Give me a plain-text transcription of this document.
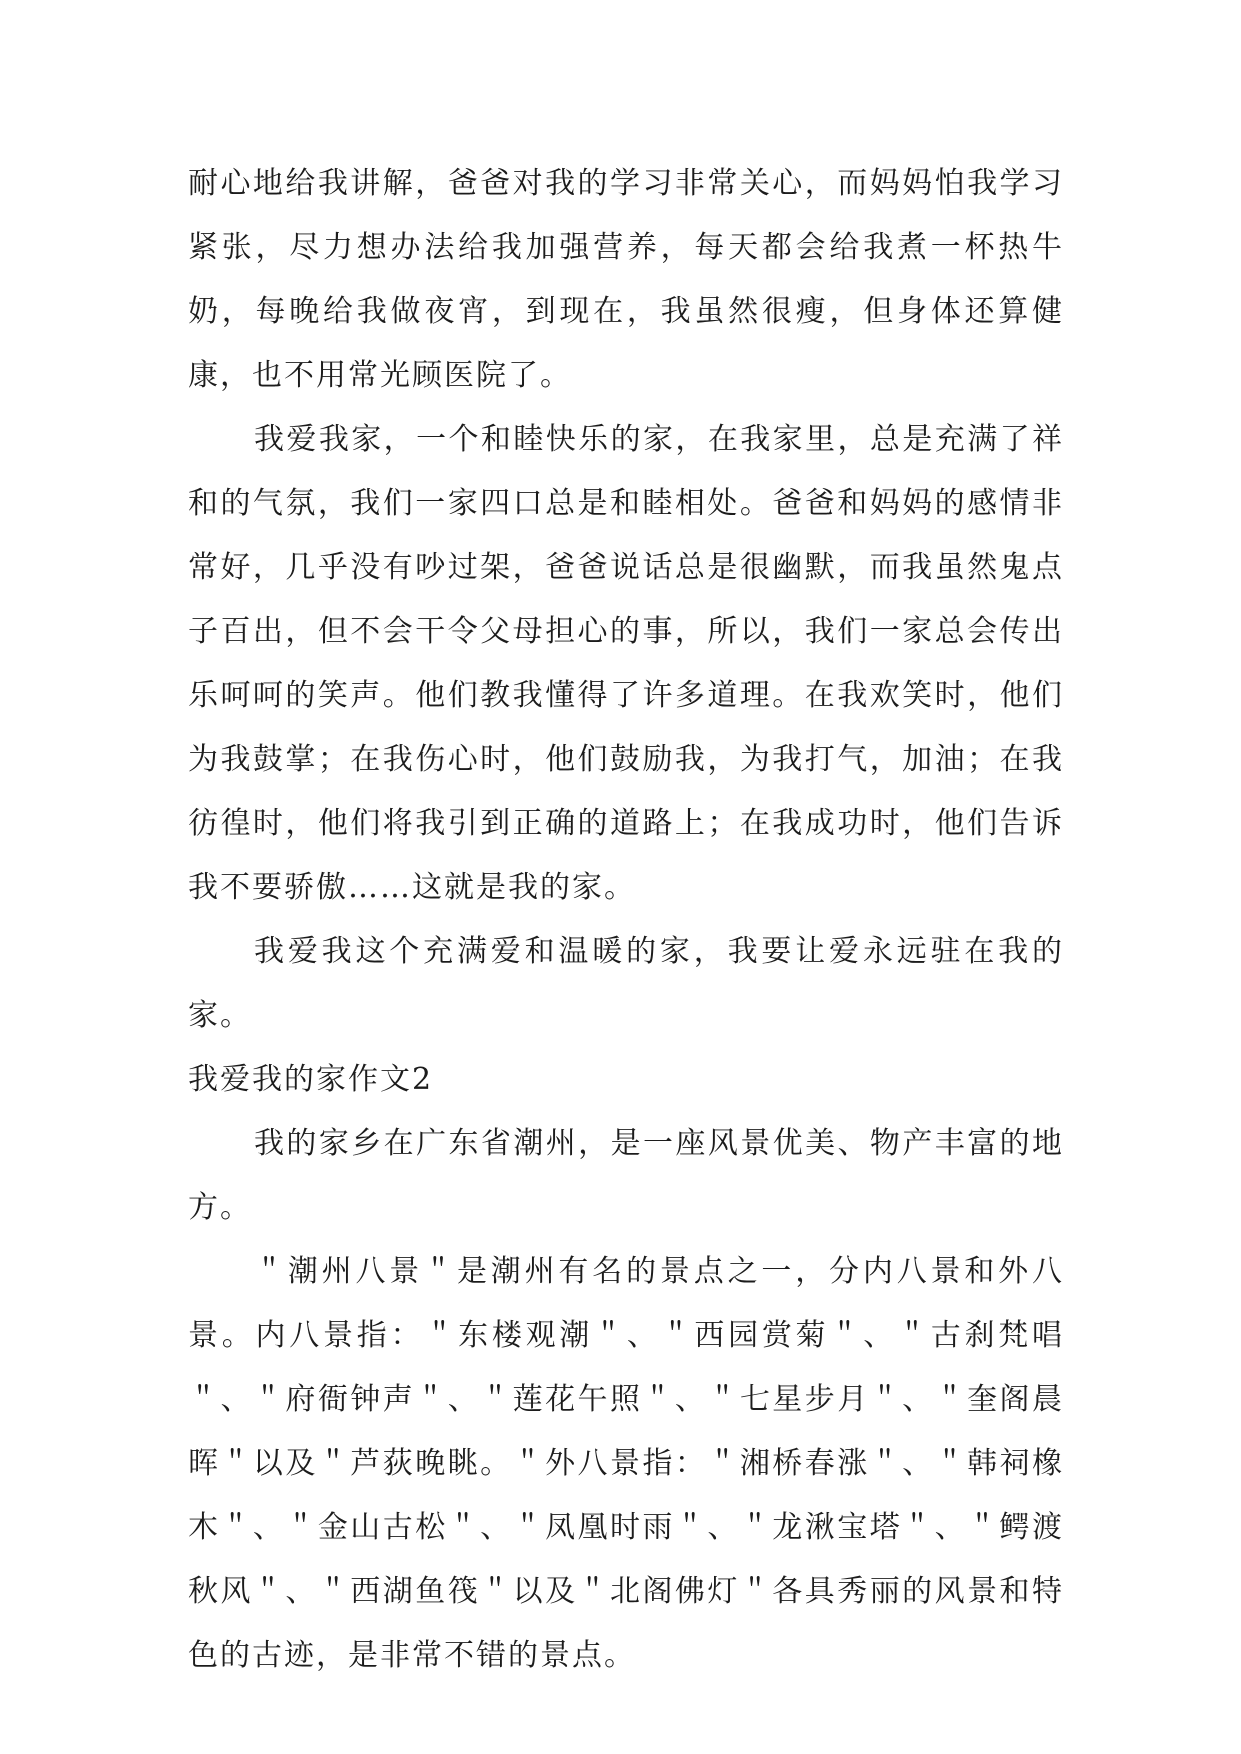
耐心地给我讲解，爸爸对我的学习非常关心，而妈妈怕我学习紧张，尽力想办法给我加强营养，每天都会给我煮一杯热牛奶，每晚给我做夜宵，到现在，我虽然很瘦，但身体还算健康，也不用常光顾医院了。

我爱我家，一个和睦快乐的家，在我家里，总是充满了祥和的气氛，我们一家四口总是和睦相处。爸爸和妈妈的感情非常好，几乎没有吵过架，爸爸说话总是很幽默，而我虽然鬼点子百出，但不会干令父母担心的事，所以，我们一家总会传出乐呵呵的笑声。他们教我懂得了许多道理。在我欢笑时，他们为我鼓掌；在我伤心时，他们鼓励我，为我打气，加油；在我彷徨时，他们将我引到正确的道路上；在我成功时，他们告诉我不要骄傲……这就是我的家。

我爱我这个充满爱和温暖的家，我要让爱永远驻在我的家。

我爱我的家作文2

我的家乡在广东省潮州，是一座风景优美、物产丰富的地方。

＂潮州八景＂是潮州有名的景点之一，分内八景和外八景。内八景指：＂东楼观潮＂、＂西园赏菊＂、＂古刹梵唱＂、＂府衙钟声＂、＂莲花午照＂、＂七星步月＂、＂奎阁晨晖＂以及＂芦荻晚眺。＂外八景指：＂湘桥春涨＂、＂韩祠橡木＂、＂金山古松＂、＂凤凰时雨＂、＂龙湫宝塔＂、＂鳄渡秋风＂、＂西湖鱼筏＂以及＂北阁佛灯＂各具秀丽的风景和特色的古迹，是非常不错的景点。
